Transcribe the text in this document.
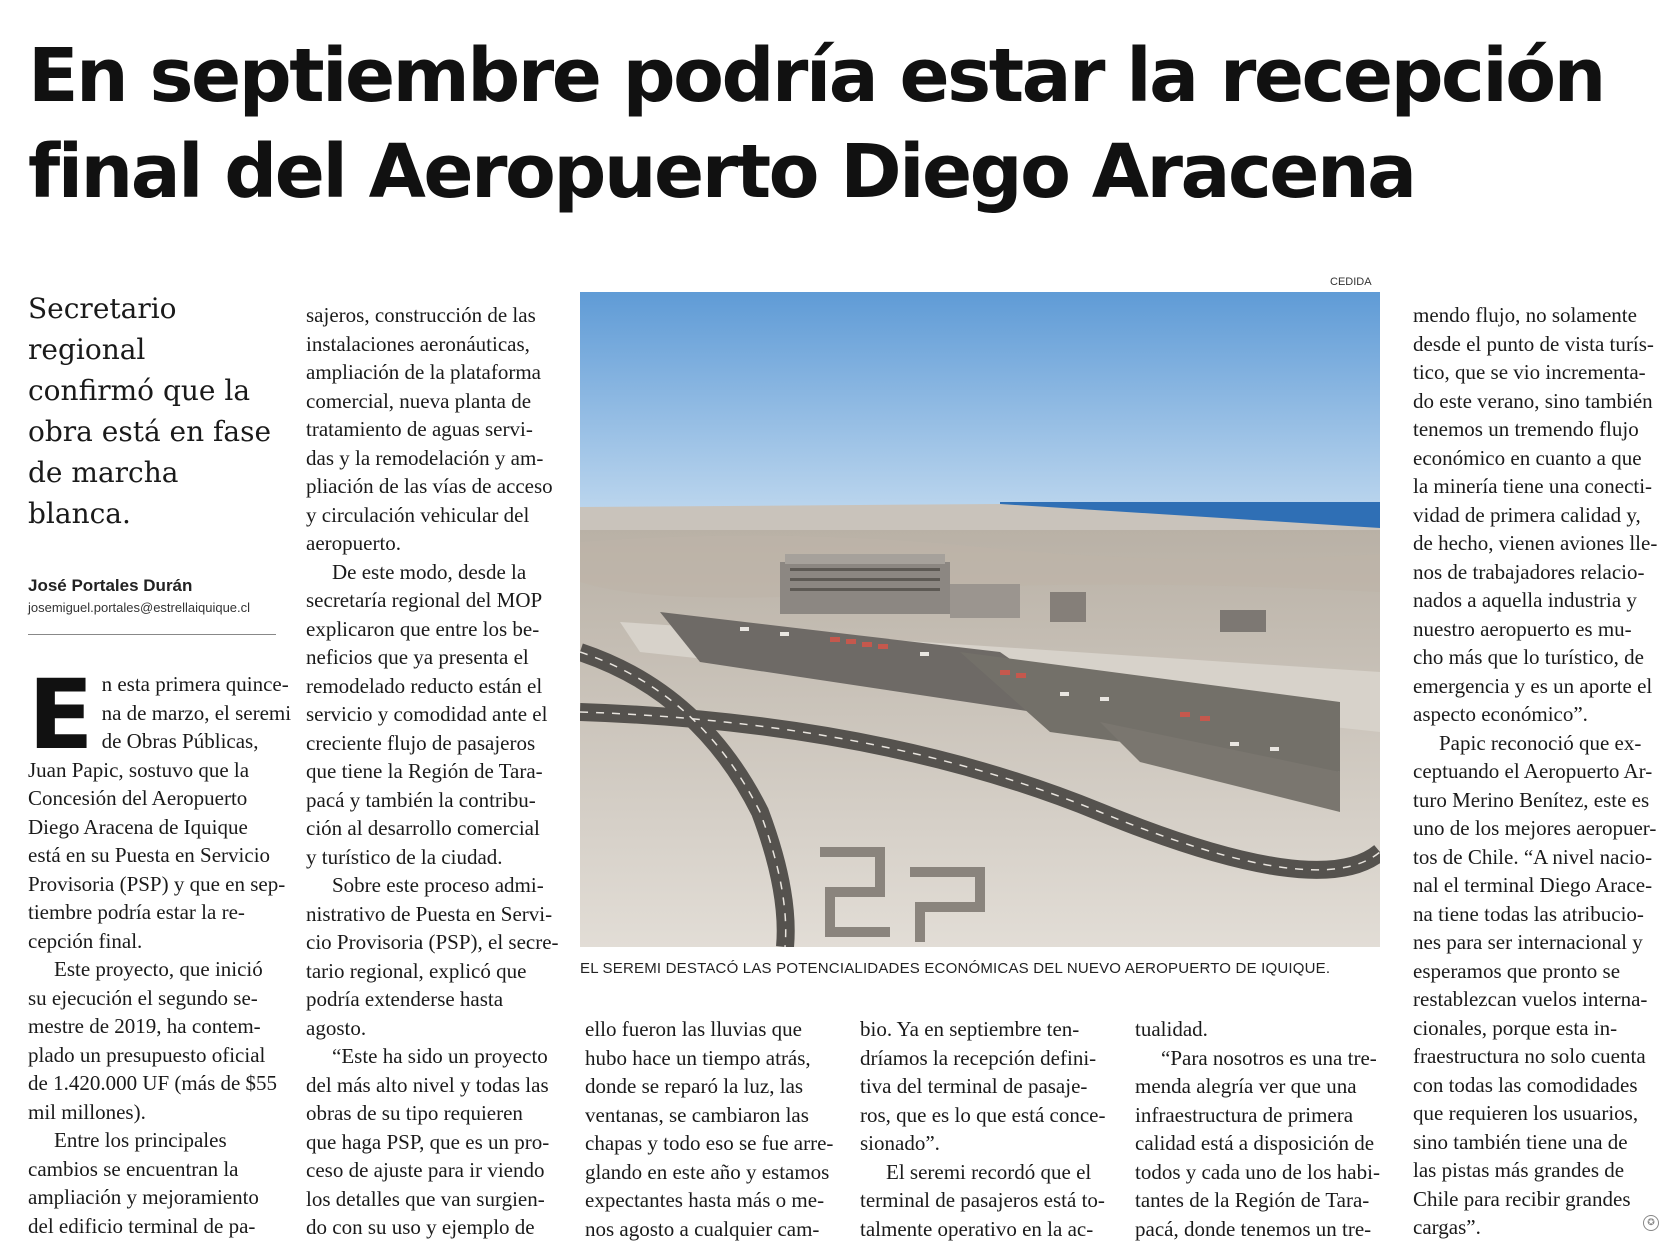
En septiembre podría estar la recepción
final del Aeropuerto Diego Aracena
Secretario
regional
confirmó que la
obra está en fase
de marcha
blanca.
José Portales Durán
josemiguel.portales@estrellaiquique.cl
E n esta primera quince-
na de marzo, el seremi
de Obras Públicas,
Juan Papic, sostuvo que la
Concesión del Aeropuerto
Diego Aracena de Iquique
está en su Puesta en Servicio
Provisoria (PSP) y que en sep-
tiembre podría estar la re-
cepción final.
Este proyecto, que inició
su ejecución el segundo se-
mestre de 2019, ha contem-
plado un presupuesto oficial
de 1.420.000 UF (más de $55
mil millones).
Entre los principales
cambios se encuentran la
ampliación y mejoramiento
del edificio terminal de pa-
sajeros, construcción de las
instalaciones aeronáuticas,
ampliación de la plataforma
comercial, nueva planta de
tratamiento de aguas servi-
das y la remodelación y am-
pliación de las vías de acceso
y circulación vehicular del
aeropuerto.
De este modo, desde la
secretaría regional del MOP
explicaron que entre los be-
neficios que ya presenta el
remodelado reducto están el
servicio y comodidad ante el
creciente flujo de pasajeros
que tiene la Región de Tara-
pacá y también la contribu-
ción al desarrollo comercial
y turístico de la ciudad.
Sobre este proceso admi-
nistrativo de Puesta en Servi-
cio Provisoria (PSP), el secre-
tario regional, explicó que
podría extenderse hasta
agosto.
“Este ha sido un proyecto
del más alto nivel y todas las
obras de su tipo requieren
que haga PSP, que es un pro-
ceso de ajuste para ir viendo
los detalles que van surgien-
do con su uso y ejemplo de
CEDIDA
EL SEREMI DESTACÓ LAS POTENCIALIDADES ECONÓMICAS DEL NUEVO AEROPUERTO DE IQUIQUE.
ello fueron las lluvias que
hubo hace un tiempo atrás,
donde se reparó la luz, las
ventanas, se cambiaron las
chapas y todo eso se fue arre-
glando en este año y estamos
expectantes hasta más o me-
nos agosto a cualquier cam-
bio. Ya en septiembre ten-
dríamos la recepción defini-
tiva del terminal de pasaje-
ros, que es lo que está conce-
sionado”.
El seremi recordó que el
terminal de pasajeros está to-
talmente operativo en la ac-
tualidad.
“Para nosotros es una tre-
menda alegría ver que una
infraestructura de primera
calidad está a disposición de
todos y cada uno de los habi-
tantes de la Región de Tara-
pacá, donde tenemos un tre-
mendo flujo, no solamente
desde el punto de vista turís-
tico, que se vio incrementa-
do este verano, sino también
tenemos un tremendo flujo
económico en cuanto a que
la minería tiene una conecti-
vidad de primera calidad y,
de hecho, vienen aviones lle-
nos de trabajadores relacio-
nados a aquella industria y
nuestro aeropuerto es mu-
cho más que lo turístico, de
emergencia y es un aporte el
aspecto económico”.
Papic reconoció que ex-
ceptuando el Aeropuerto Ar-
turo Merino Benítez, este es
uno de los mejores aeropuer-
tos de Chile. “A nivel nacio-
nal el terminal Diego Arace-
na tiene todas las atribucio-
nes para ser internacional y
esperamos que pronto se
restablezcan vuelos interna-
cionales, porque esta in-
fraestructura no solo cuenta
con todas las comodidades
que requieren los usuarios,
sino también tiene una de
las pistas más grandes de
Chile para recibir grandes
cargas”.	✪
